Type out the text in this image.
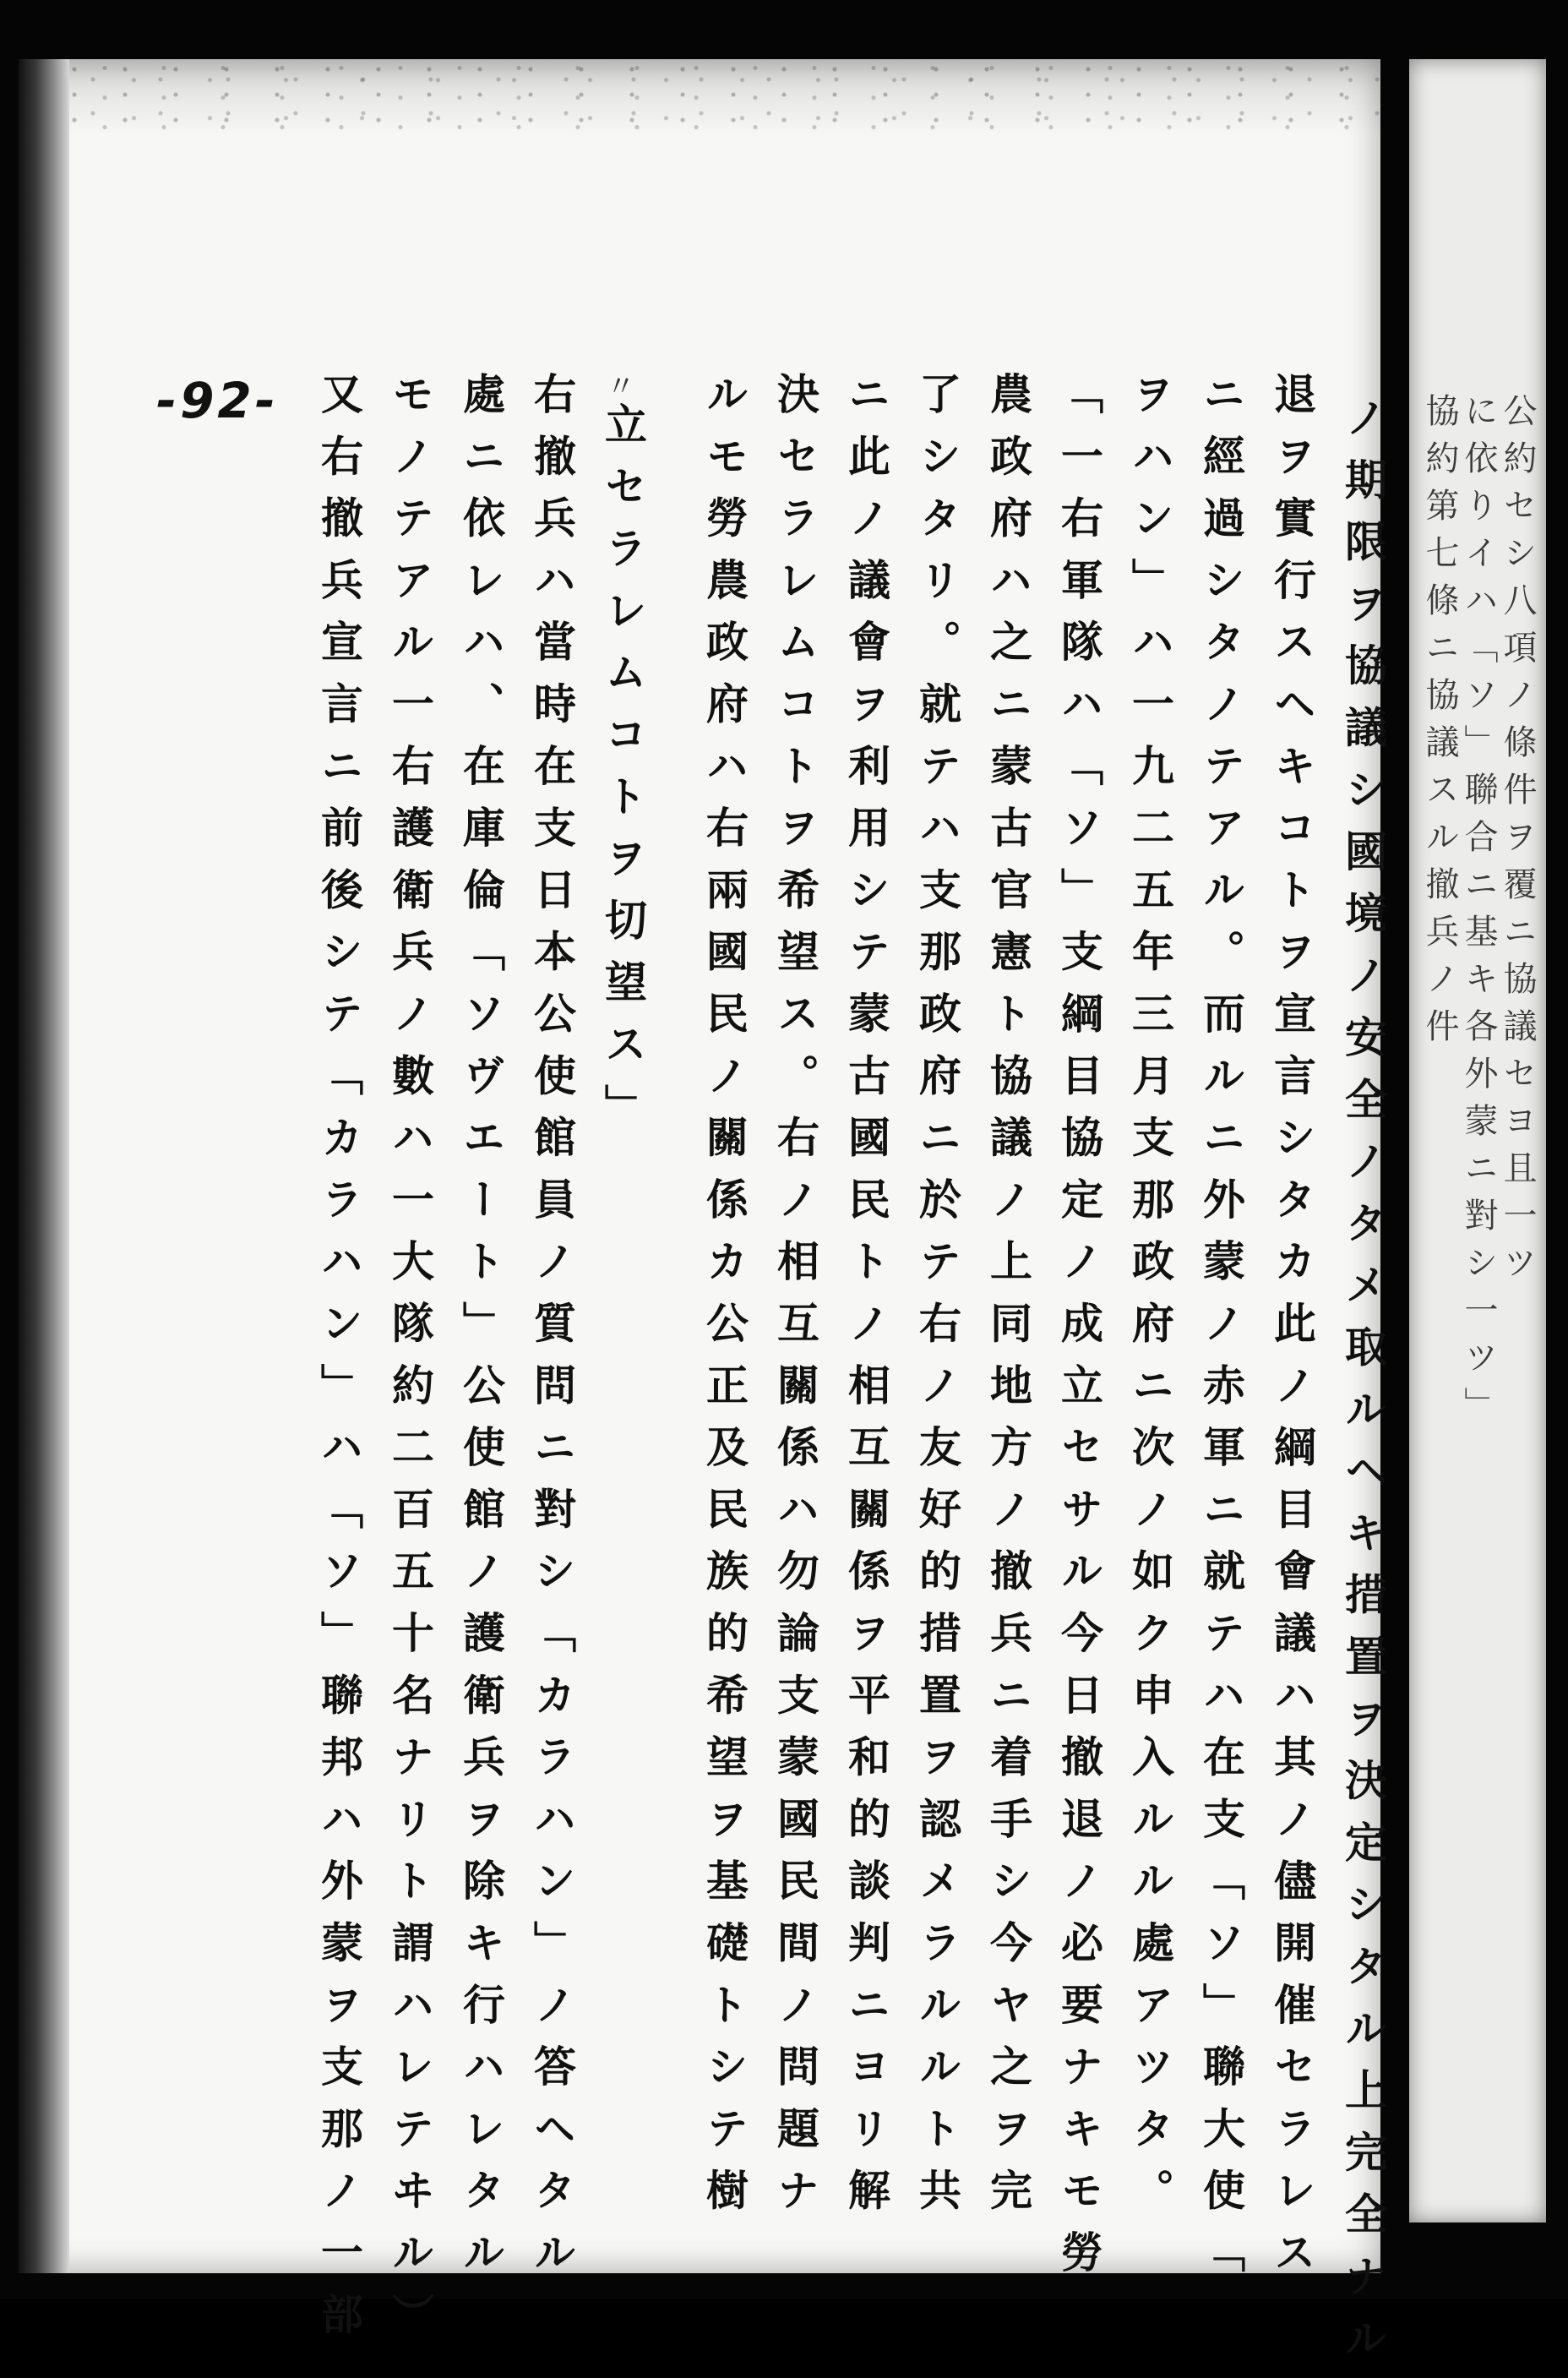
公約セシ八項ノ條件ヲ覆ニ協議セヨ且一ツ
に依りイハ「ソ」聯合ニ基キ各外蒙ニ對シ一ツ」
協約第七條ニ協議スル撤兵ノ件
-92-	〃
ノ期限ヲ協議シ國境ノ安全ノタメ取ルヘキ措置ヲ決定シタル上完全ナル
退ヲ實行スヘキコトヲ宣言シタカ此ノ綱目會議ハ其ノ儘開催セラレス
ニ經過シタノテアル。而ルニ外蒙ノ赤軍ニ就テハ在支「ソ」聯大使「
ヲハン」ハ一九二五年三月支那政府ニ次ノ如ク申入ルル處アツタ。
「一右軍隊ハ「ソ」支綱目協定ノ成立セサル今日撤退ノ必要ナキモ勞
農政府ハ之ニ蒙古官憲ト協議ノ上同地方ノ撤兵ニ着手シ今ヤ之ヲ完
了シタリ。就テハ支那政府ニ於テ右ノ友好的措置ヲ認メラルルト共
ニ此ノ議會ヲ利用シテ蒙古國民トノ相互關係ヲ平和的談判ニヨリ解
決セラレムコトヲ希望ス。右ノ相互關係ハ勿論支蒙國民間ノ問題ナ
ルモ勞農政府ハ右兩國民ノ關係カ公正及民族的希望ヲ基礎トシテ樹
立セラレムコトヲ切望ス」
右撤兵ハ當時在支日本公使館員ノ質問ニ對シ「カラハン」ノ答ヘタル
處ニ依レハ、在庫倫「ソヴエート」公使館ノ護衛兵ヲ除キ行ハレタル
モノテアル一右護衛兵ノ數ハ一大隊約二百五十名ナリト謂ハレテヰル）
又右撤兵宣言ニ前後シテ「カラハン」ハ「ソ」聯邦ハ外蒙ヲ支那ノ一部
